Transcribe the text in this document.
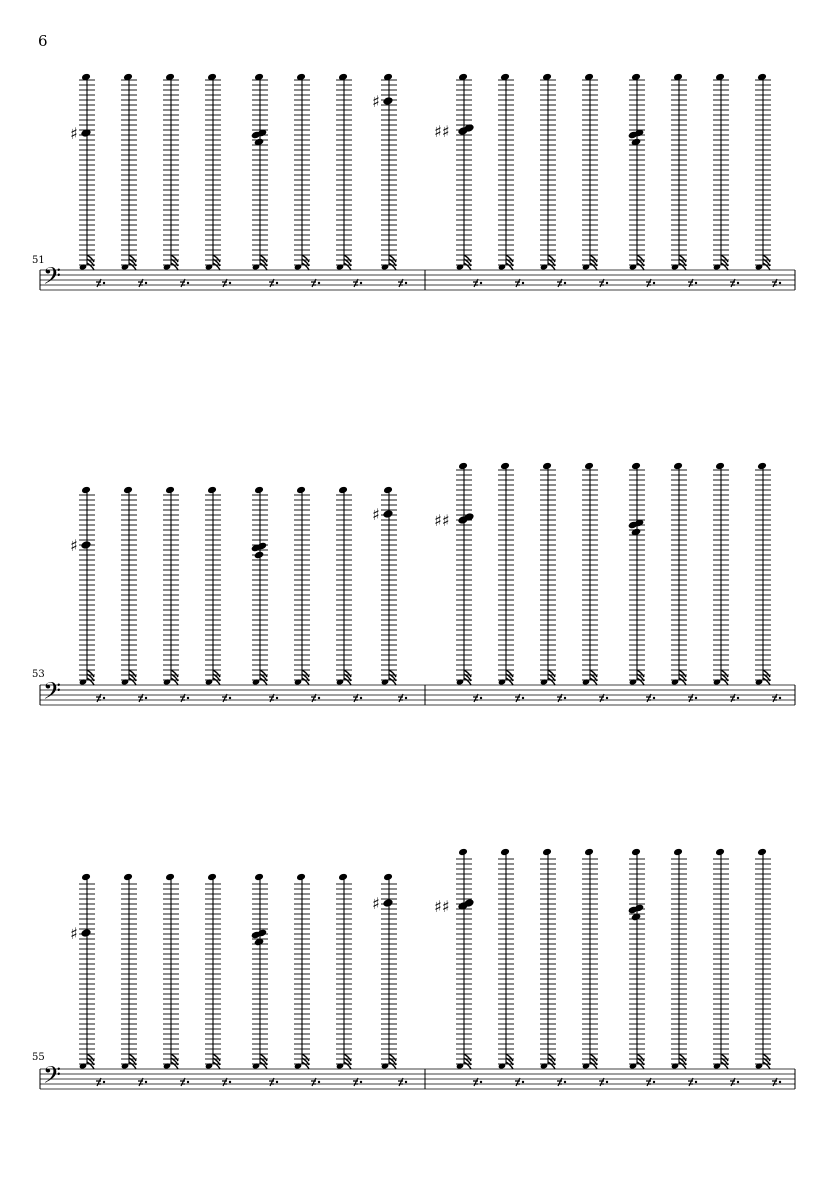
6
51
53
55
𝄢
♯
♯
♯♯
𝄢
♯
♯	♯♯
𝄢
♯
♯	♯♯
